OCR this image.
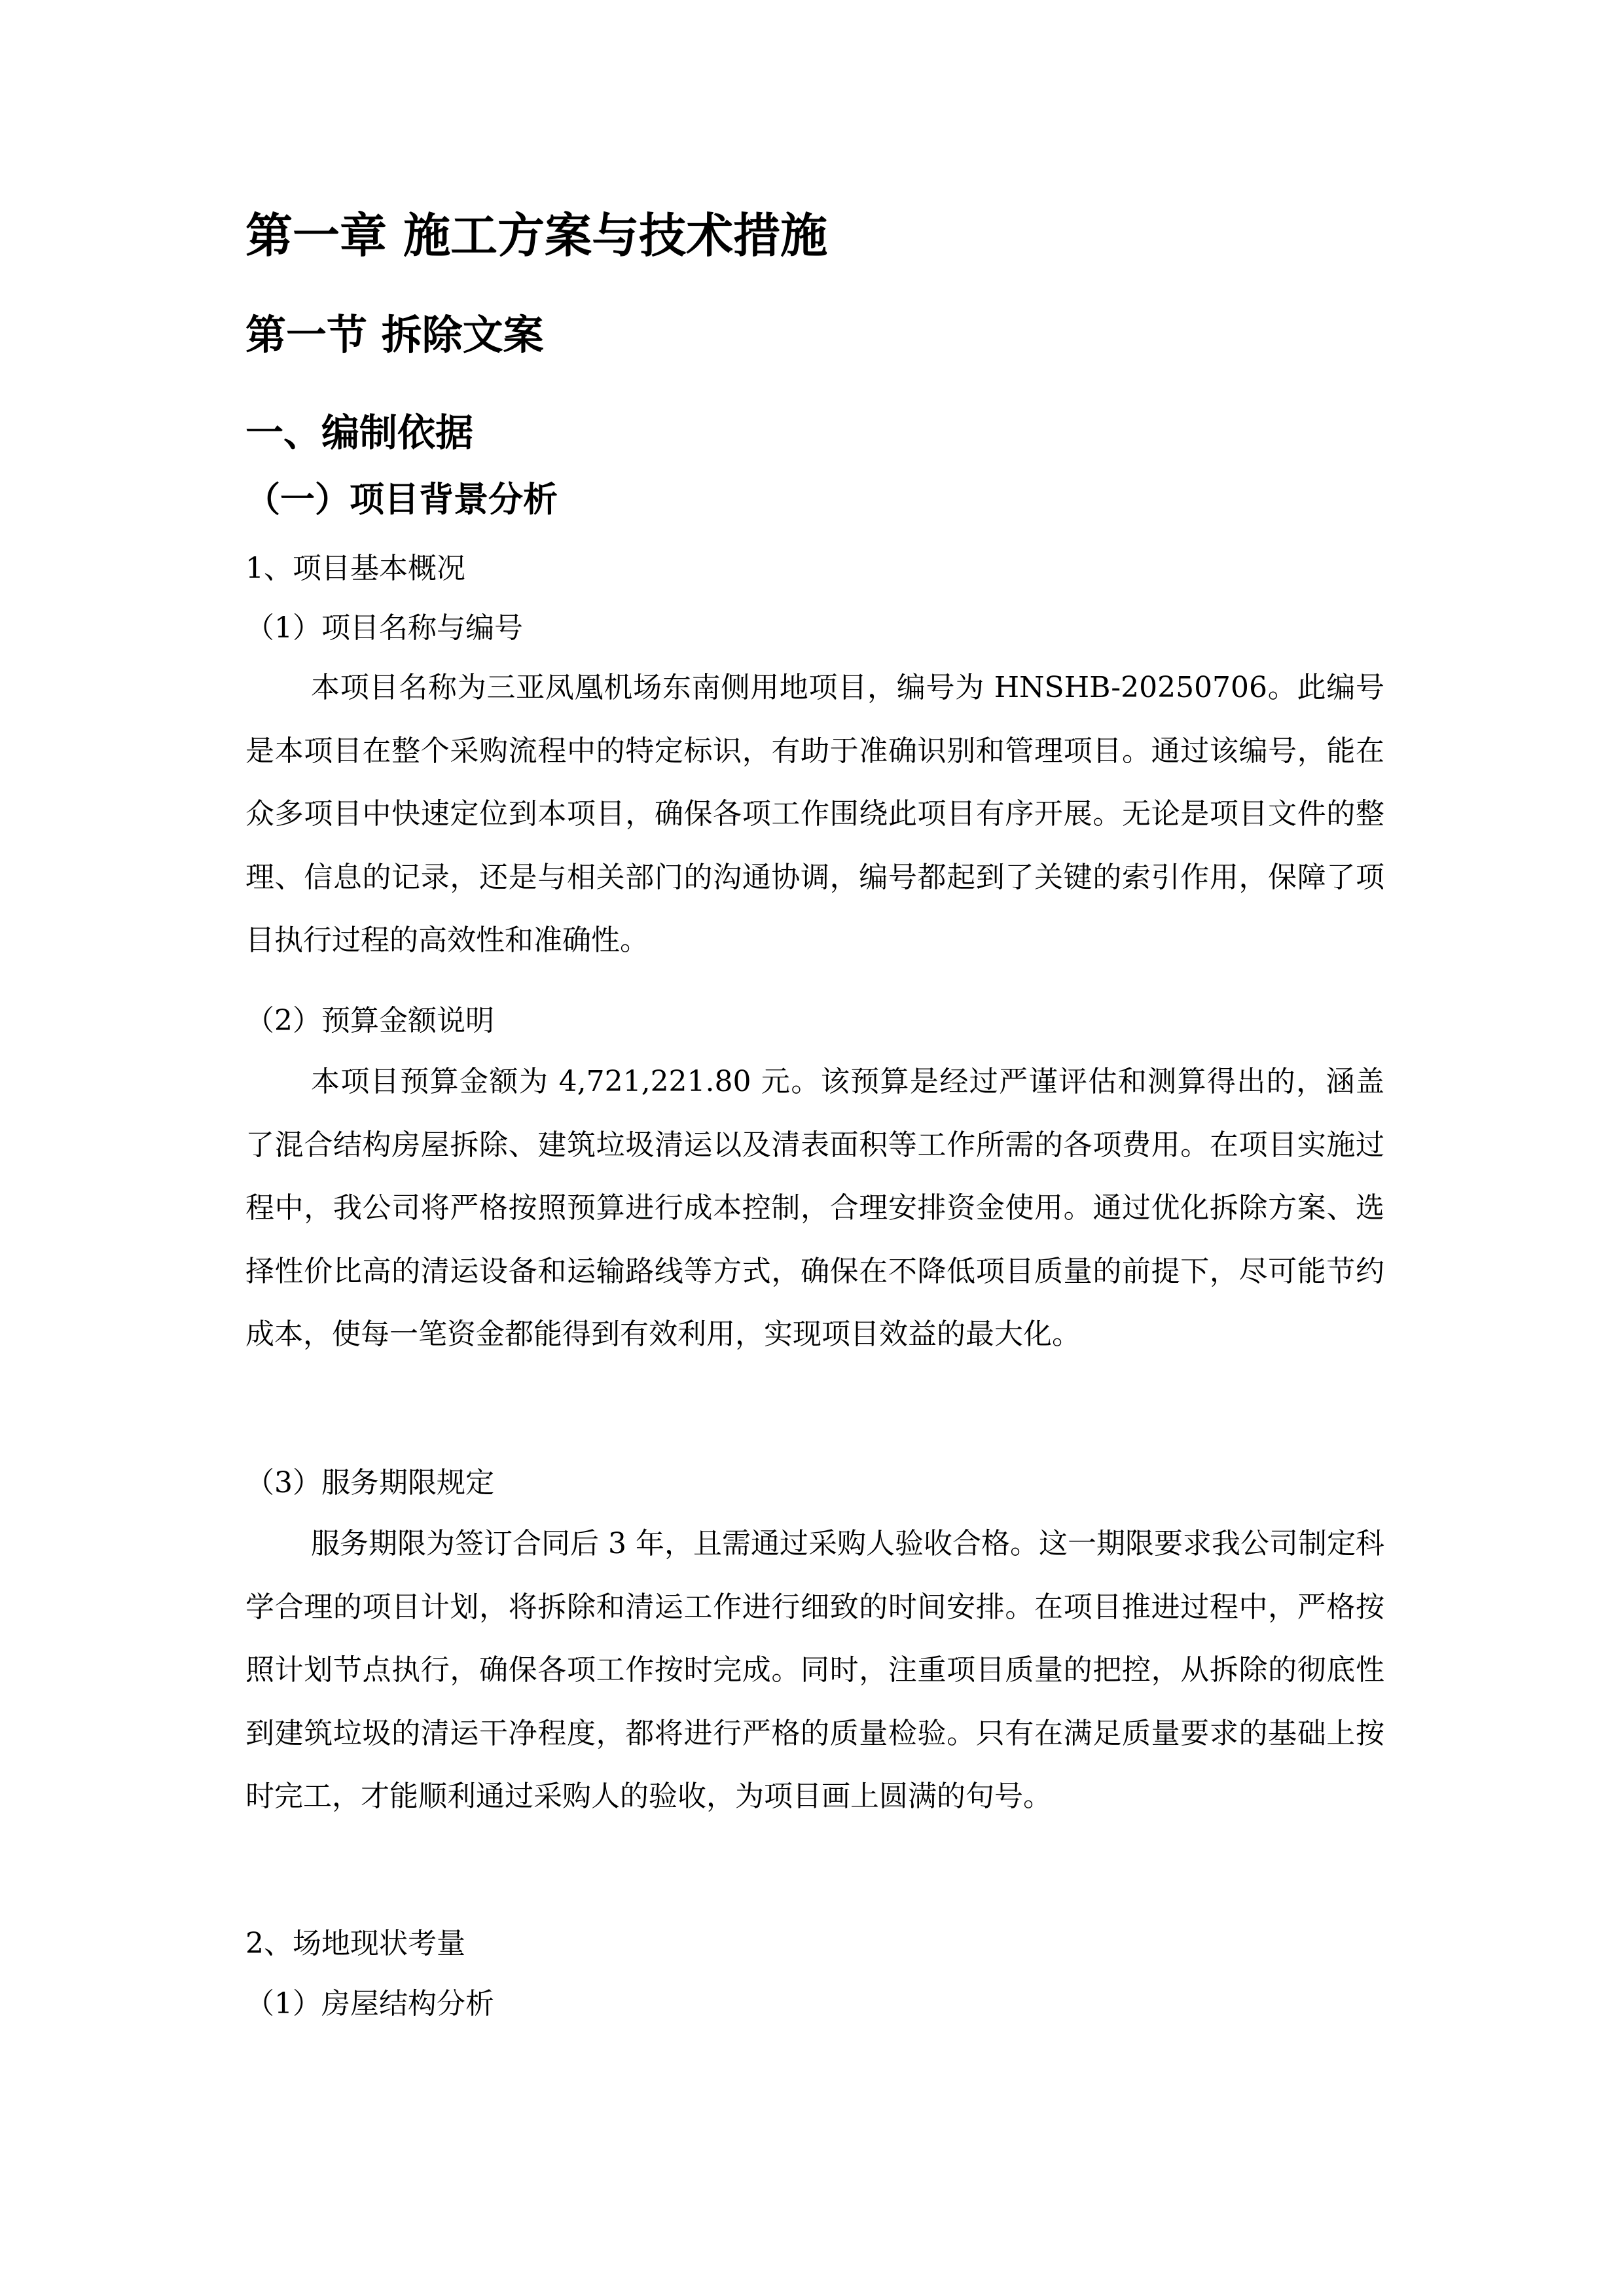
第一章 施工方案与技术措施
第一节 拆除文案
一、编制依据
（一）项目背景分析

1、项目基本概况

（1）项目名称与编号

本项目名称为三亚凤凰机场东南侧用地项目，编号为 HNSHB-20250706。此编号是本项目在整个采购流程中的特定标识，有助于准确识别和管理项目。通过该编号，能在众多项目中快速定位到本项目，确保各项工作围绕此项目有序开展。无论是项目文件的整理、信息的记录，还是与相关部门的沟通协调，编号都起到了关键的索引作用，保障了项目执行过程的高效性和准确性。

（2）预算金额说明

本项目预算金额为 4,721,221.80 元。该预算是经过严谨评估和测算得出的，涵盖了混合结构房屋拆除、建筑垃圾清运以及清表面积等工作所需的各项费用。在项目实施过程中，我公司将严格按照预算进行成本控制，合理安排资金使用。通过优化拆除方案、选择性价比高的清运设备和运输路线等方式，确保在不降低项目质量的前提下，尽可能节约成本，使每一笔资金都能得到有效利用，实现项目效益的最大化。

（3）服务期限规定

服务期限为签订合同后 3 年，且需通过采购人验收合格。这一期限要求我公司制定科学合理的项目计划，将拆除和清运工作进行细致的时间安排。在项目推进过程中，严格按照计划节点执行，确保各项工作按时完成。同时，注重项目质量的把控，从拆除的彻底性到建筑垃圾的清运干净程度，都将进行严格的质量检验。只有在满足质量要求的基础上按时完工，才能顺利通过采购人的验收，为项目画上圆满的句号。

2、场地现状考量

（1）房屋结构分析
